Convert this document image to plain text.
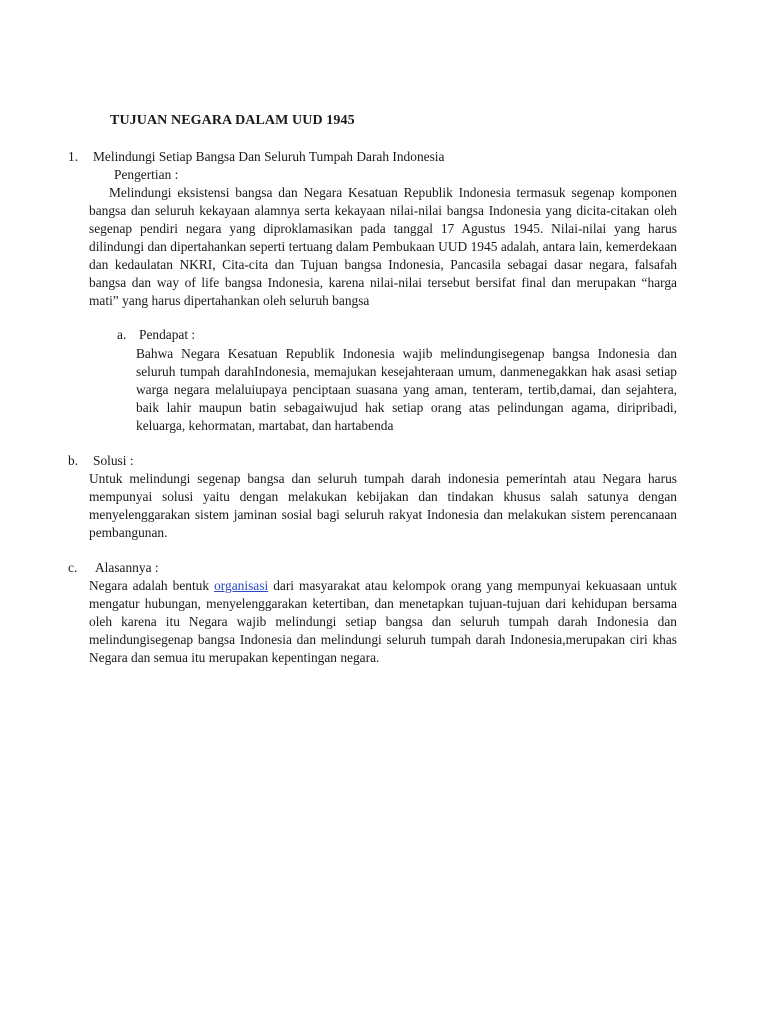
TUJUAN NEGARA DALAM UUD 1945
1. Melindungi Setiap Bangsa Dan Seluruh Tumpah Darah Indonesia
Pengertian :

Melindungi eksistensi bangsa dan Negara Kesatuan Republik Indonesia termasuk segenap komponen bangsa dan seluruh kekayaan alamnya serta kekayaan nilai-nilai bangsa Indonesia yang dicita-citakan oleh segenap pendiri negara yang diproklamasikan pada tanggal 17 Agustus 1945. Nilai-nilai yang harus dilindungi dan dipertahankan seperti tertuang dalam Pembukaan UUD 1945 adalah, antara lain, kemerdekaan dan kedaulatan NKRI, Cita-cita dan Tujuan bangsa Indonesia, Pancasila sebagai dasar negara, falsafah bangsa dan way of life bangsa Indonesia, karena nilai-nilai tersebut bersifat final dan merupakan “harga mati” yang harus dipertahankan oleh seluruh bangsa

a. Pendapat :

Bahwa Negara Kesatuan Republik Indonesia wajib melindungisegenap bangsa Indonesia dan seluruh tumpah darahIndonesia, memajukan kesejahteraan umum, danmenegakkan hak asasi setiap warga negara melaluiupaya penciptaan suasana yang aman, tenteram, tertib,damai, dan sejahtera, baik lahir maupun batin sebagaiwujud hak setiap orang atas pelindungan agama, diripribadi, keluarga, kehormatan, martabat, dan hartabenda

b. Solusi :

Untuk melindungi segenap bangsa dan seluruh tumpah darah indonesia pemerintah atau Negara harus mempunyai solusi yaitu dengan melakukan kebijakan dan tindakan khusus salah satunya dengan menyelenggarakan sistem jaminan sosial bagi seluruh rakyat Indonesia dan melakukan sistem perencanaan pembangunan.

c. Alasannya :

Negara adalah bentuk organisasi dari masyarakat atau kelompok orang yang mempunyai kekuasaan untuk mengatur hubungan, menyelenggarakan ketertiban, dan menetapkan tujuan-tujuan dari kehidupan bersama oleh karena itu Negara wajib melindungi setiap bangsa dan seluruh tumpah darah Indonesia dan melindungisegenap bangsa Indonesia dan melindungi seluruh tumpah darah Indonesia,merupakan ciri khas Negara dan semua itu merupakan kepentingan negara.
